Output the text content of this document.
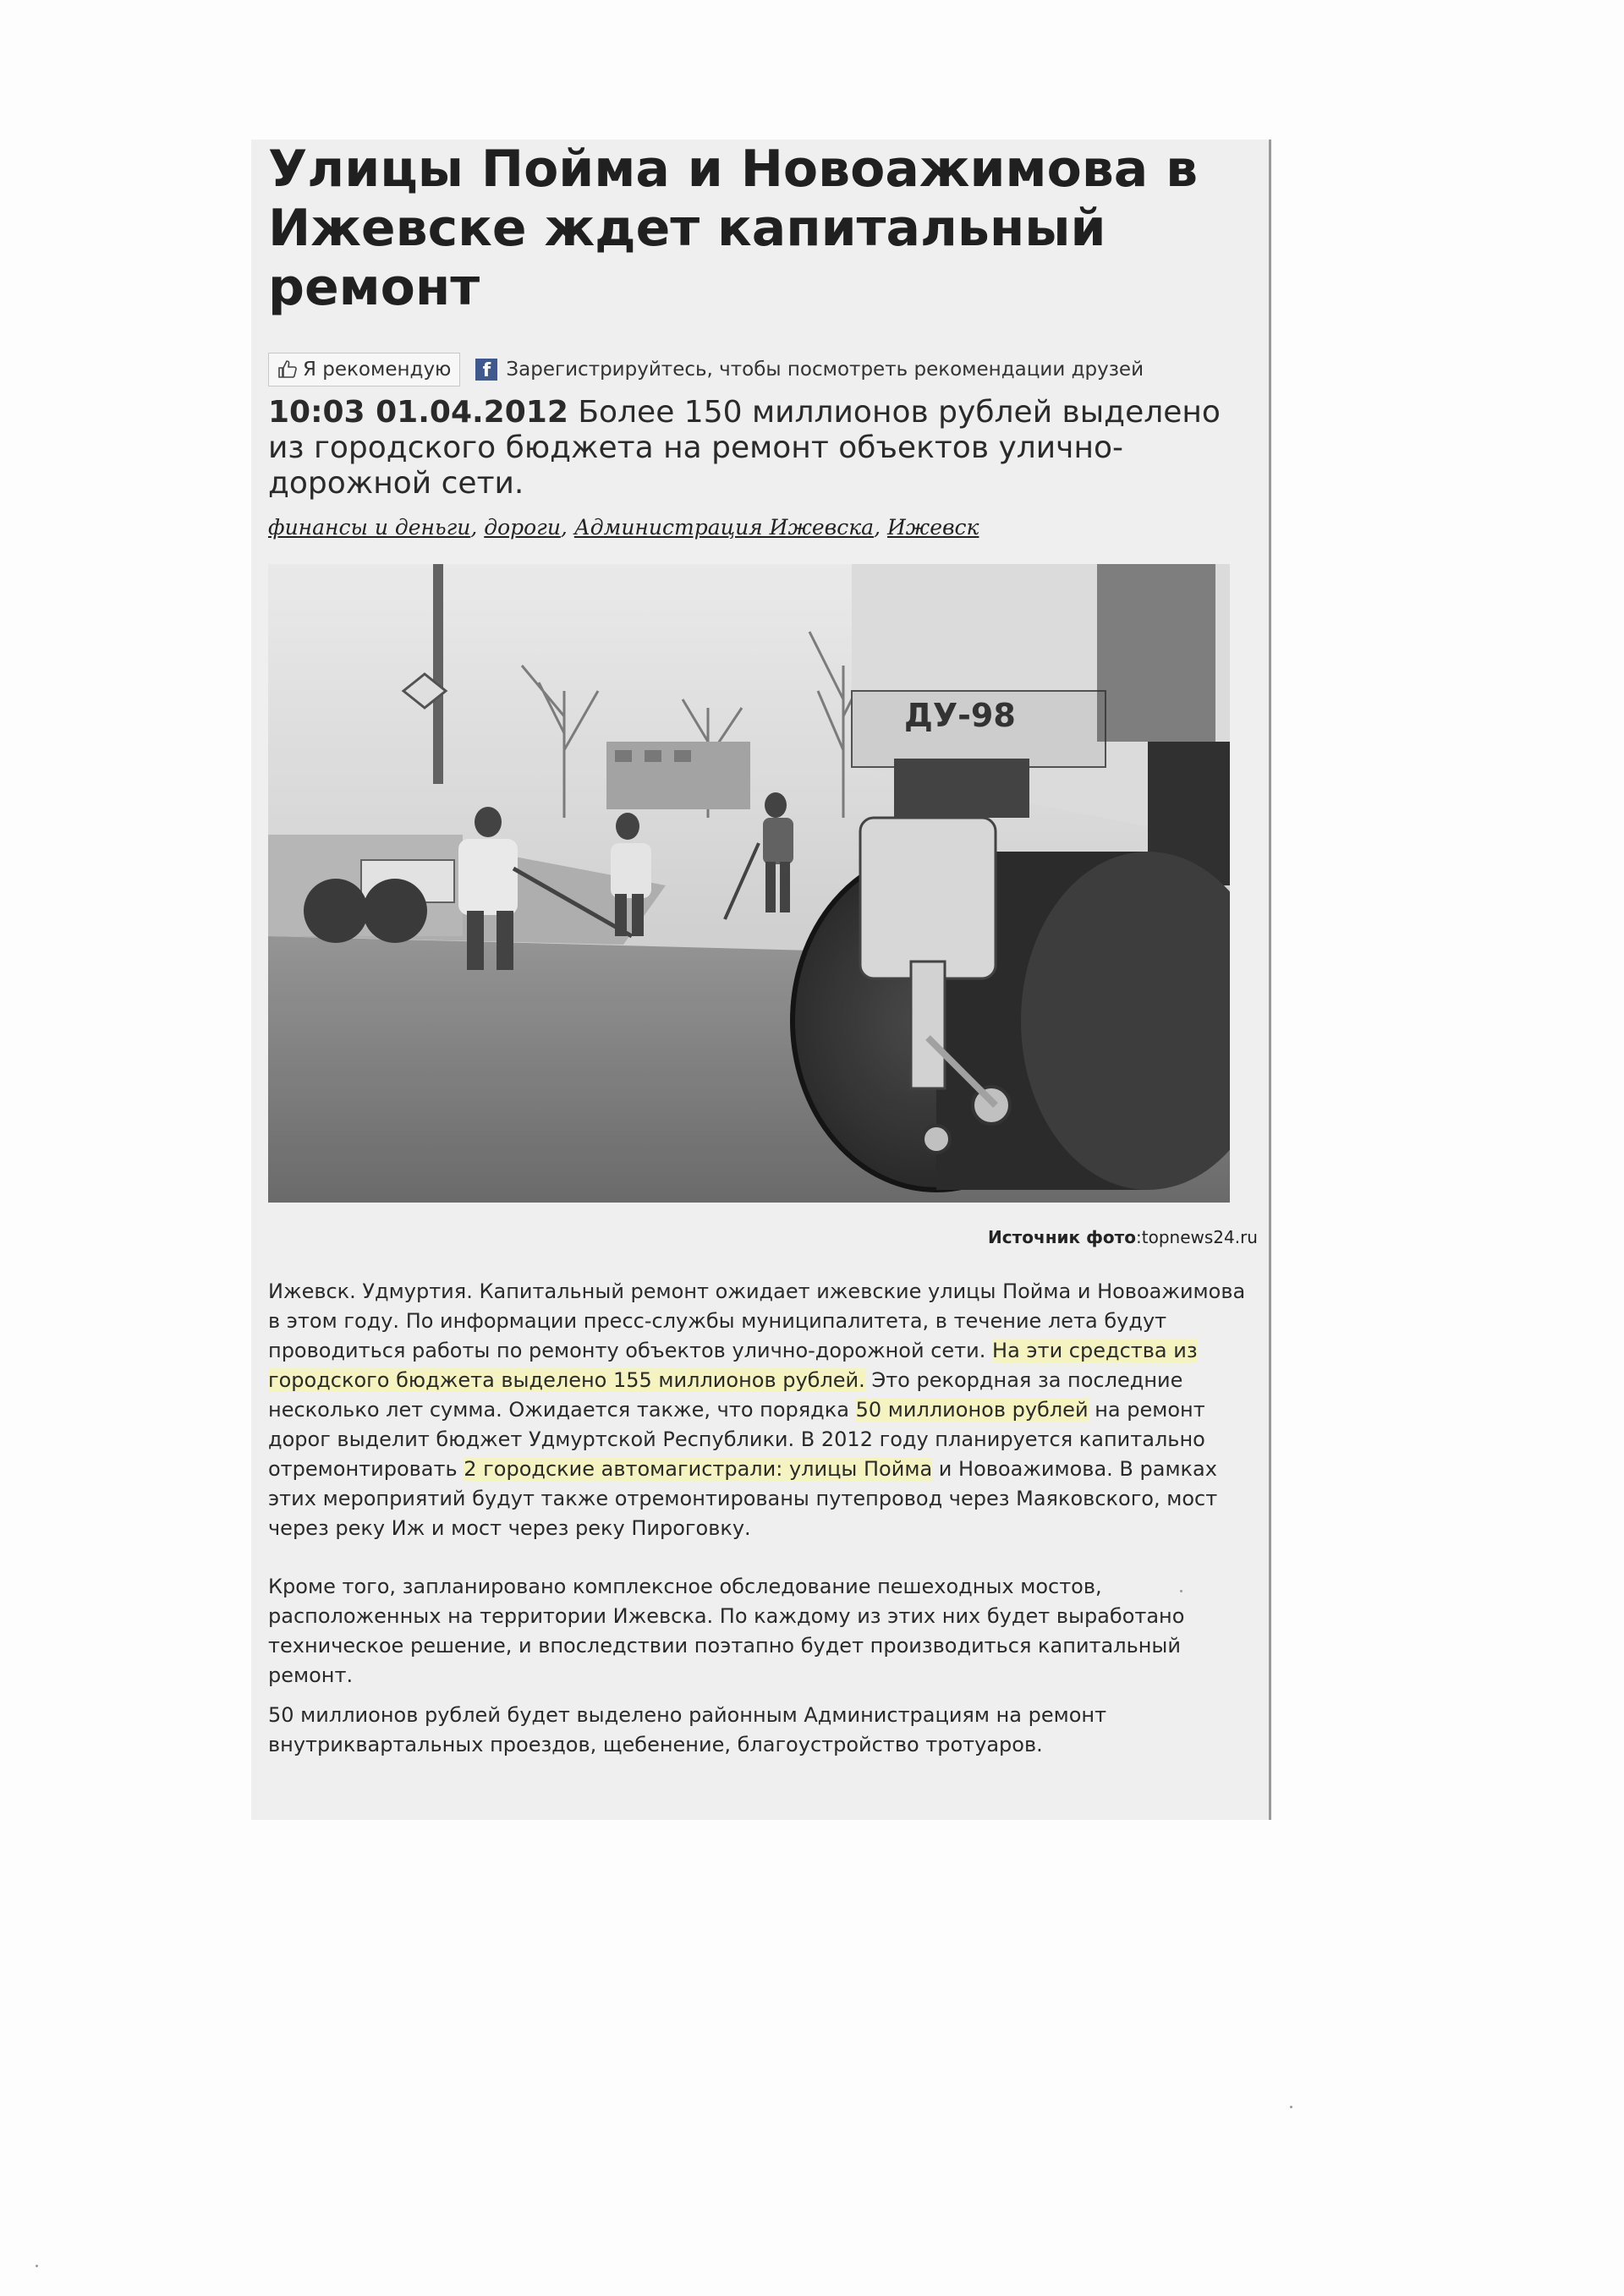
Улицы Пойма и Новоажимова в Ижевске ждет капитальный ремонт
Я рекомендую	f Зарегистрируйтесь, чтобы посмотреть рекомендации друзей
10:03 01.04.2012 Более 150 миллионов рублей выделено из городского бюджета на ремонт объектов улично-дорожной сети.
финансы и деньги, дороги, Администрация Ижевска, Ижевск
ДУ-98
Источник фото:topnews24.ru

Ижевск. Удмуртия. Капитальный ремонт ожидает ижевские улицы Пойма и Новоажимова в этом году. По информации пресс-службы муниципалитета, в течение лета будут проводиться работы по ремонту объектов улично-дорожной сети. На эти средства из городского бюджета выделено 155 миллионов рублей. Это рекордная за последние несколько лет сумма. Ожидается также, что порядка 50 миллионов рублей на ремонт дорог выделит бюджет Удмуртской Республики. В 2012 году планируется капитально отремонтировать 2 городские автомагистрали: улицы Пойма и Новоажимова. В рамках этих мероприятий будут также отремонтированы путепровод через Маяковского, мост через реку Иж и мост через реку Пироговку.

Кроме того, запланировано комплексное обследование пешеходных мостов, расположенных на территории Ижевска. По каждому из этих них будет выработано техническое решение, и впоследствии поэтапно будет производиться капитальный ремонт.

50 миллионов рублей будет выделено районным Администрациям на ремонт внутриквартальных проездов, щебенение, благоустройство тротуаров.
